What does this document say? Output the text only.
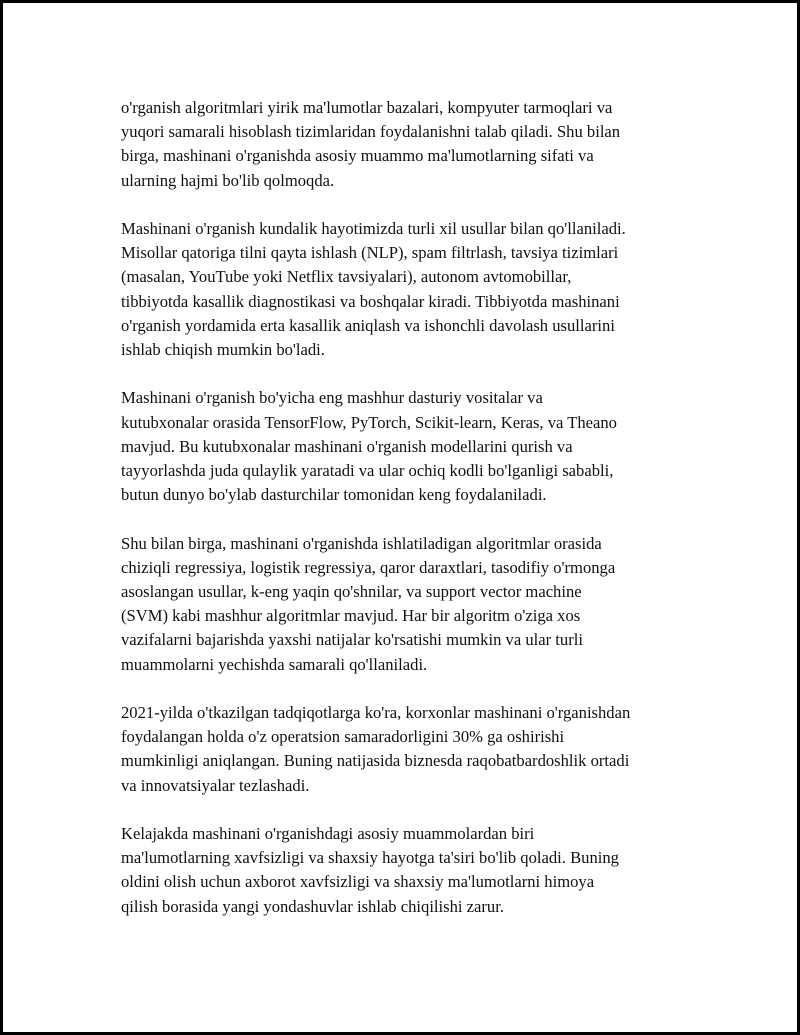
o'rganish algoritmlari yirik ma'lumotlar bazalari, kompyuter tarmoqlari va
yuqori samarali hisoblash tizimlaridan foydalanishni talab qiladi. Shu bilan
birga, mashinani o'rganishda asosiy muammo ma'lumotlarning sifati va
ularning hajmi bo'lib qolmoqda.

Mashinani o'rganish kundalik hayotimizda turli xil usullar bilan qo'llaniladi.
Misollar qatoriga tilni qayta ishlash (NLP), spam filtrlash, tavsiya tizimlari
(masalan, YouTube yoki Netflix tavsiyalari), autonom avtomobillar,
tibbiyotda kasallik diagnostikasi va boshqalar kiradi. Tibbiyotda mashinani
o'rganish yordamida erta kasallik aniqlash va ishonchli davolash usullarini
ishlab chiqish mumkin bo'ladi.

Mashinani o'rganish bo'yicha eng mashhur dasturiy vositalar va
kutubxonalar orasida TensorFlow, PyTorch, Scikit-learn, Keras, va Theano
mavjud. Bu kutubxonalar mashinani o'rganish modellarini qurish va
tayyorlashda juda qulaylik yaratadi va ular ochiq kodli bo'lganligi sababli,
butun dunyo bo'ylab dasturchilar tomonidan keng foydalaniladi.

Shu bilan birga, mashinani o'rganishda ishlatiladigan algoritmlar orasida
chiziqli regressiya, logistik regressiya, qaror daraxtlari, tasodifiy o'rmonga
asoslangan usullar, k-eng yaqin qo'shnilar, va support vector machine
(SVM) kabi mashhur algoritmlar mavjud. Har bir algoritm o'ziga xos
vazifalarni bajarishda yaxshi natijalar ko'rsatishi mumkin va ular turli
muammolarni yechishda samarali qo'llaniladi.

2021-yilda o'tkazilgan tadqiqotlarga ko'ra, korxonlar mashinani o'rganishdan
foydalangan holda o'z operatsion samaradorligini 30% ga oshirishi
mumkinligi aniqlangan. Buning natijasida biznesda raqobatbardoshlik ortadi
va innovatsiyalar tezlashadi.

Kelajakda mashinani o'rganishdagi asosiy muammolardan biri
ma'lumotlarning xavfsizligi va shaxsiy hayotga ta'siri bo'lib qoladi. Buning
oldini olish uchun axborot xavfsizligi va shaxsiy ma'lumotlarni himoya
qilish borasida yangi yondashuvlar ishlab chiqilishi zarur.
